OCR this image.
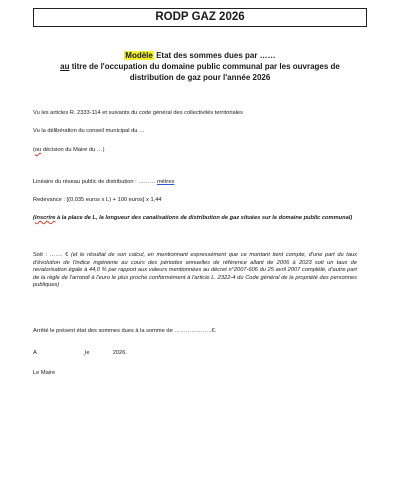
RODP GAZ 2026
Modèle Etat des sommes dues par ……
au titre de l'occupation du domaine public communal par les ouvrages de
distribution de gaz pour l'année 2026
Vu les articles R. 2333-114 et suivants du code général des collectivités territoriales
Vu la délibération du conseil municipal du …
(ou décision du Maire du …)
Linéaire du réseau public de distribution : ……… mètres
Redevance : [(0,035 euros x L) + 100 euros] x 1,44
(inscrire à la place de L, la longueur des canalisations de distribution de gaz situées sur le domaine public communal)
Soit : ……. € (et le résultat de son calcul, en mentionnant expressément que ce montant tient compte, d'une part du taux d'évolution de l'indice ingénierie au cours des périodes annuelles de référence allant de 2006 à 2023 soit un taux de revalorisation égale à 44,0 % par rapport aux valeurs mentionnées au décret n°2007-606 du 25 avril 2007 complété, d'autre part de la règle de l'arrondi à l'euro le plus proche conformément à l'article L. 2322-4 du Code général de la propriété des personnes publiques)
Arrêté le présent état des sommes dues à la somme de ………………..€.
A	$_▪$le	2026.
Le Maire
